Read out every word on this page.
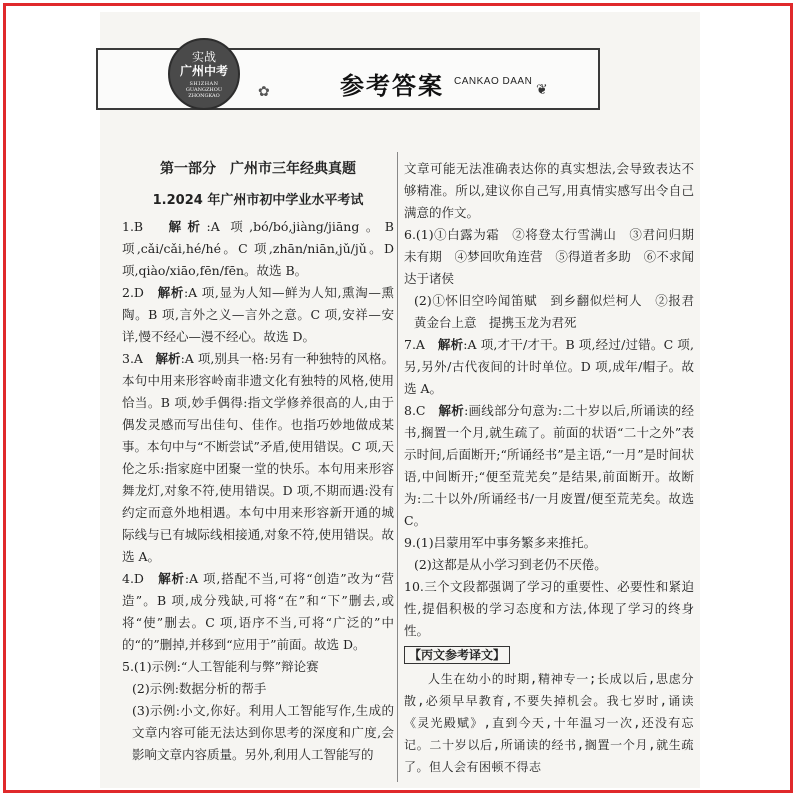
✿
实战
广州中考
SHIZHAN
GUANGZHOU ZHONGKAO	参考答案 CANKAO DAAN
❦
第一部分　广州市三年经典真题
1.2024 年广州市初中学业水平考试

1.B　 解析:A 项,bó/bó,jiàng/jiāng。B 项,cǎi/cǎi,hé/hé。C 项,zhān/niān,jǔ/jǔ。D 项,qiào/xiāo,fēn/fēn。故选 B。

2.D　 解析:A 项,显为人知—鲜为人知,熏淘—熏陶。B 项,言外之义—言外之意。C 项,安祥—安详,慢不经心—漫不经心。故选 D。

3.A　 解析:A 项,别具一格:另有一种独特的风格。本句中用来形容岭南非遗文化有独特的风格,使用恰当。B 项,妙手偶得:指文学修养很高的人,由于偶发灵感而写出佳句、佳作。也指巧妙地做成某事。本句中与“不断尝试”矛盾,使用错误。C 项,天伦之乐:指家庭中团聚一堂的快乐。本句用来形容舞龙灯,对象不符,使用错误。D 项,不期而遇:没有约定而意外地相遇。本句中用来形容新开通的城际线与已有城际线相接通,对象不符,使用错误。故选 A。

4.D　 解析:A 项,搭配不当,可将“创造”改为“营造”。B 项,成分残缺,可将“在”和“下”删去,或将“使”删去。C 项,语序不当,可将“广泛的”中的“的”删掉,并移到“应用于”前面。故选 D。

5.(1)示例:“人工智能利与弊”辩论赛

(2)示例:数据分析的帮手

(3)示例:小文,你好。利用人工智能写作,生成的文章内容可能无法达到你思考的深度和广度,会影响文章内容质量。另外,利用人工智能写的

文章可能无法准确表达你的真实想法,会导致表达不够精准。所以,建议你自己写,用真情实感写出令自己满意的作文。

6.(1)①白露为霜　②将登太行雪满山　③君问归期未有期　④梦回吹角连营　⑤得道者多助　⑥不求闻达于诸侯

(2)①怀旧空吟闻笛赋　到乡翻似烂柯人　②报君黄金台上意　提携玉龙为君死

7.A　 解析:A 项,才干/才干。B 项,经过/过错。C 项,另,另外/古代夜间的计时单位。D 项,成年/帽子。故选 A。

8.C　 解析:画线部分句意为:二十岁以后,所诵读的经书,搁置一个月,就生疏了。前面的状语“二十之外”表示时间,后面断开;“所诵经书”是主语,“一月”是时间状语,中间断开;“便至荒芜矣”是结果,前面断开。故断为:二十以外/所诵经书/一月废置/便至荒芜矣。故选 C。

9.(1)吕蒙用军中事务繁多来推托。

(2)这都是从小学习到老仍不厌倦。

10.三个文段都强调了学习的重要性、必要性和紧迫性,提倡积极的学习态度和方法,体现了学习的终身性。

【丙文参考译文】

人生在幼小的时期,精神专一;长成以后,思虑分散,必须早早教育,不要失掉机会。我七岁时,诵读《灵光殿赋》,直到今天,十年温习一次,还没有忘记。二十岁以后,所诵读的经书,搁置一个月,就生疏了。但人会有困顿不得志
